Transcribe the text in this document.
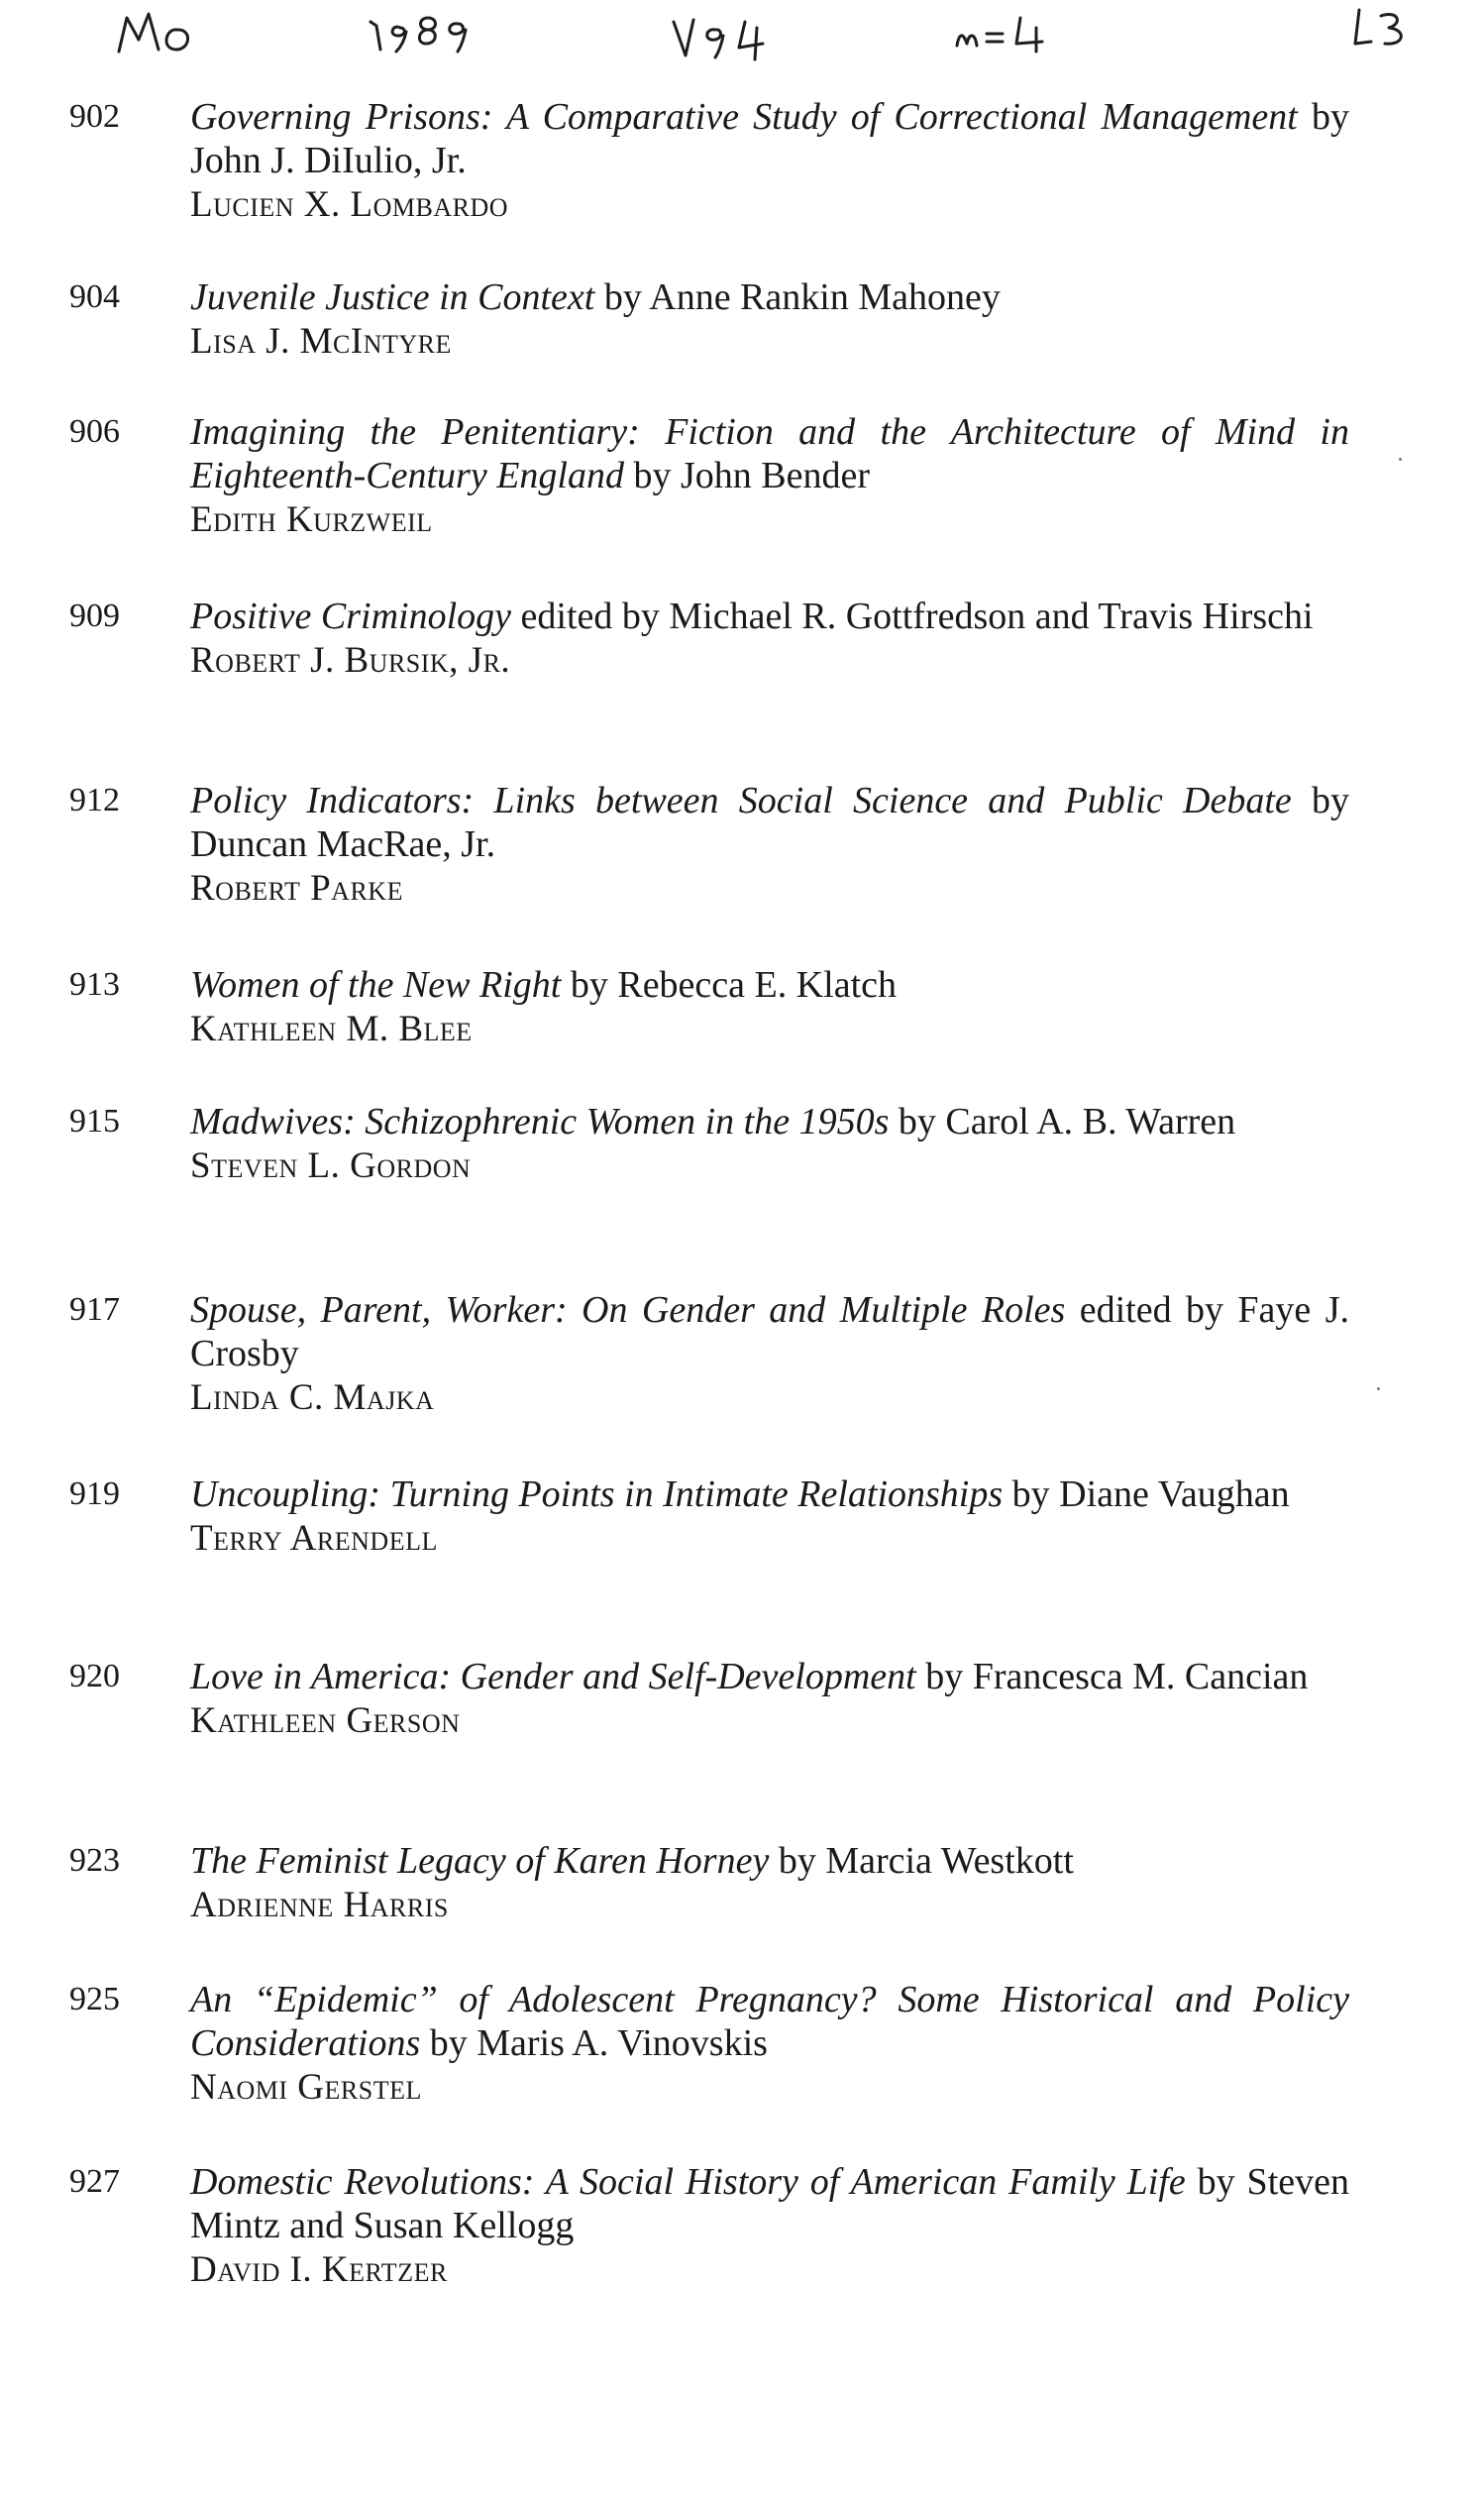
902 Governing Prisons: A Comparative Study of Correctional Management by John J. DiIulio, Jr.
Lucien X. Lombardo
904 Juvenile Justice in Context by Anne Rankin Mahoney
Lisa J. McIntyre
906 Imagining the Penitentiary: Fiction and the Architecture of Mind in Eighteenth-Century England by John Bender
Edith Kurzweil
909 Positive Criminology edited by Michael R. Gottfredson and Travis Hirschi
Robert J. Bursik, Jr.
912 Policy Indicators: Links between Social Science and Public Debate by Duncan MacRae, Jr.
Robert Parke
913 Women of the New Right by Rebecca E. Klatch
Kathleen M. Blee
915 Madwives: Schizophrenic Women in the 1950s by Carol A. B. Warren
Steven L. Gordon
917 Spouse, Parent, Worker: On Gender and Multiple Roles edited by Faye J. Crosby
Linda C. Majka
919 Uncoupling: Turning Points in Intimate Relationships by Diane Vaughan
Terry Arendell
920 Love in America: Gender and Self-Development by Francesca M. Cancian
Kathleen Gerson
923 The Feminist Legacy of Karen Horney by Marcia Westkott
Adrienne Harris
925 An “Epidemic” of Adolescent Pregnancy? Some Historical and Policy Considerations by Maris A. Vinovskis
Naomi Gerstel
927 Domestic Revolutions: A Social History of American Family Life by Steven Mintz and Susan Kellogg
David I. Kertzer
